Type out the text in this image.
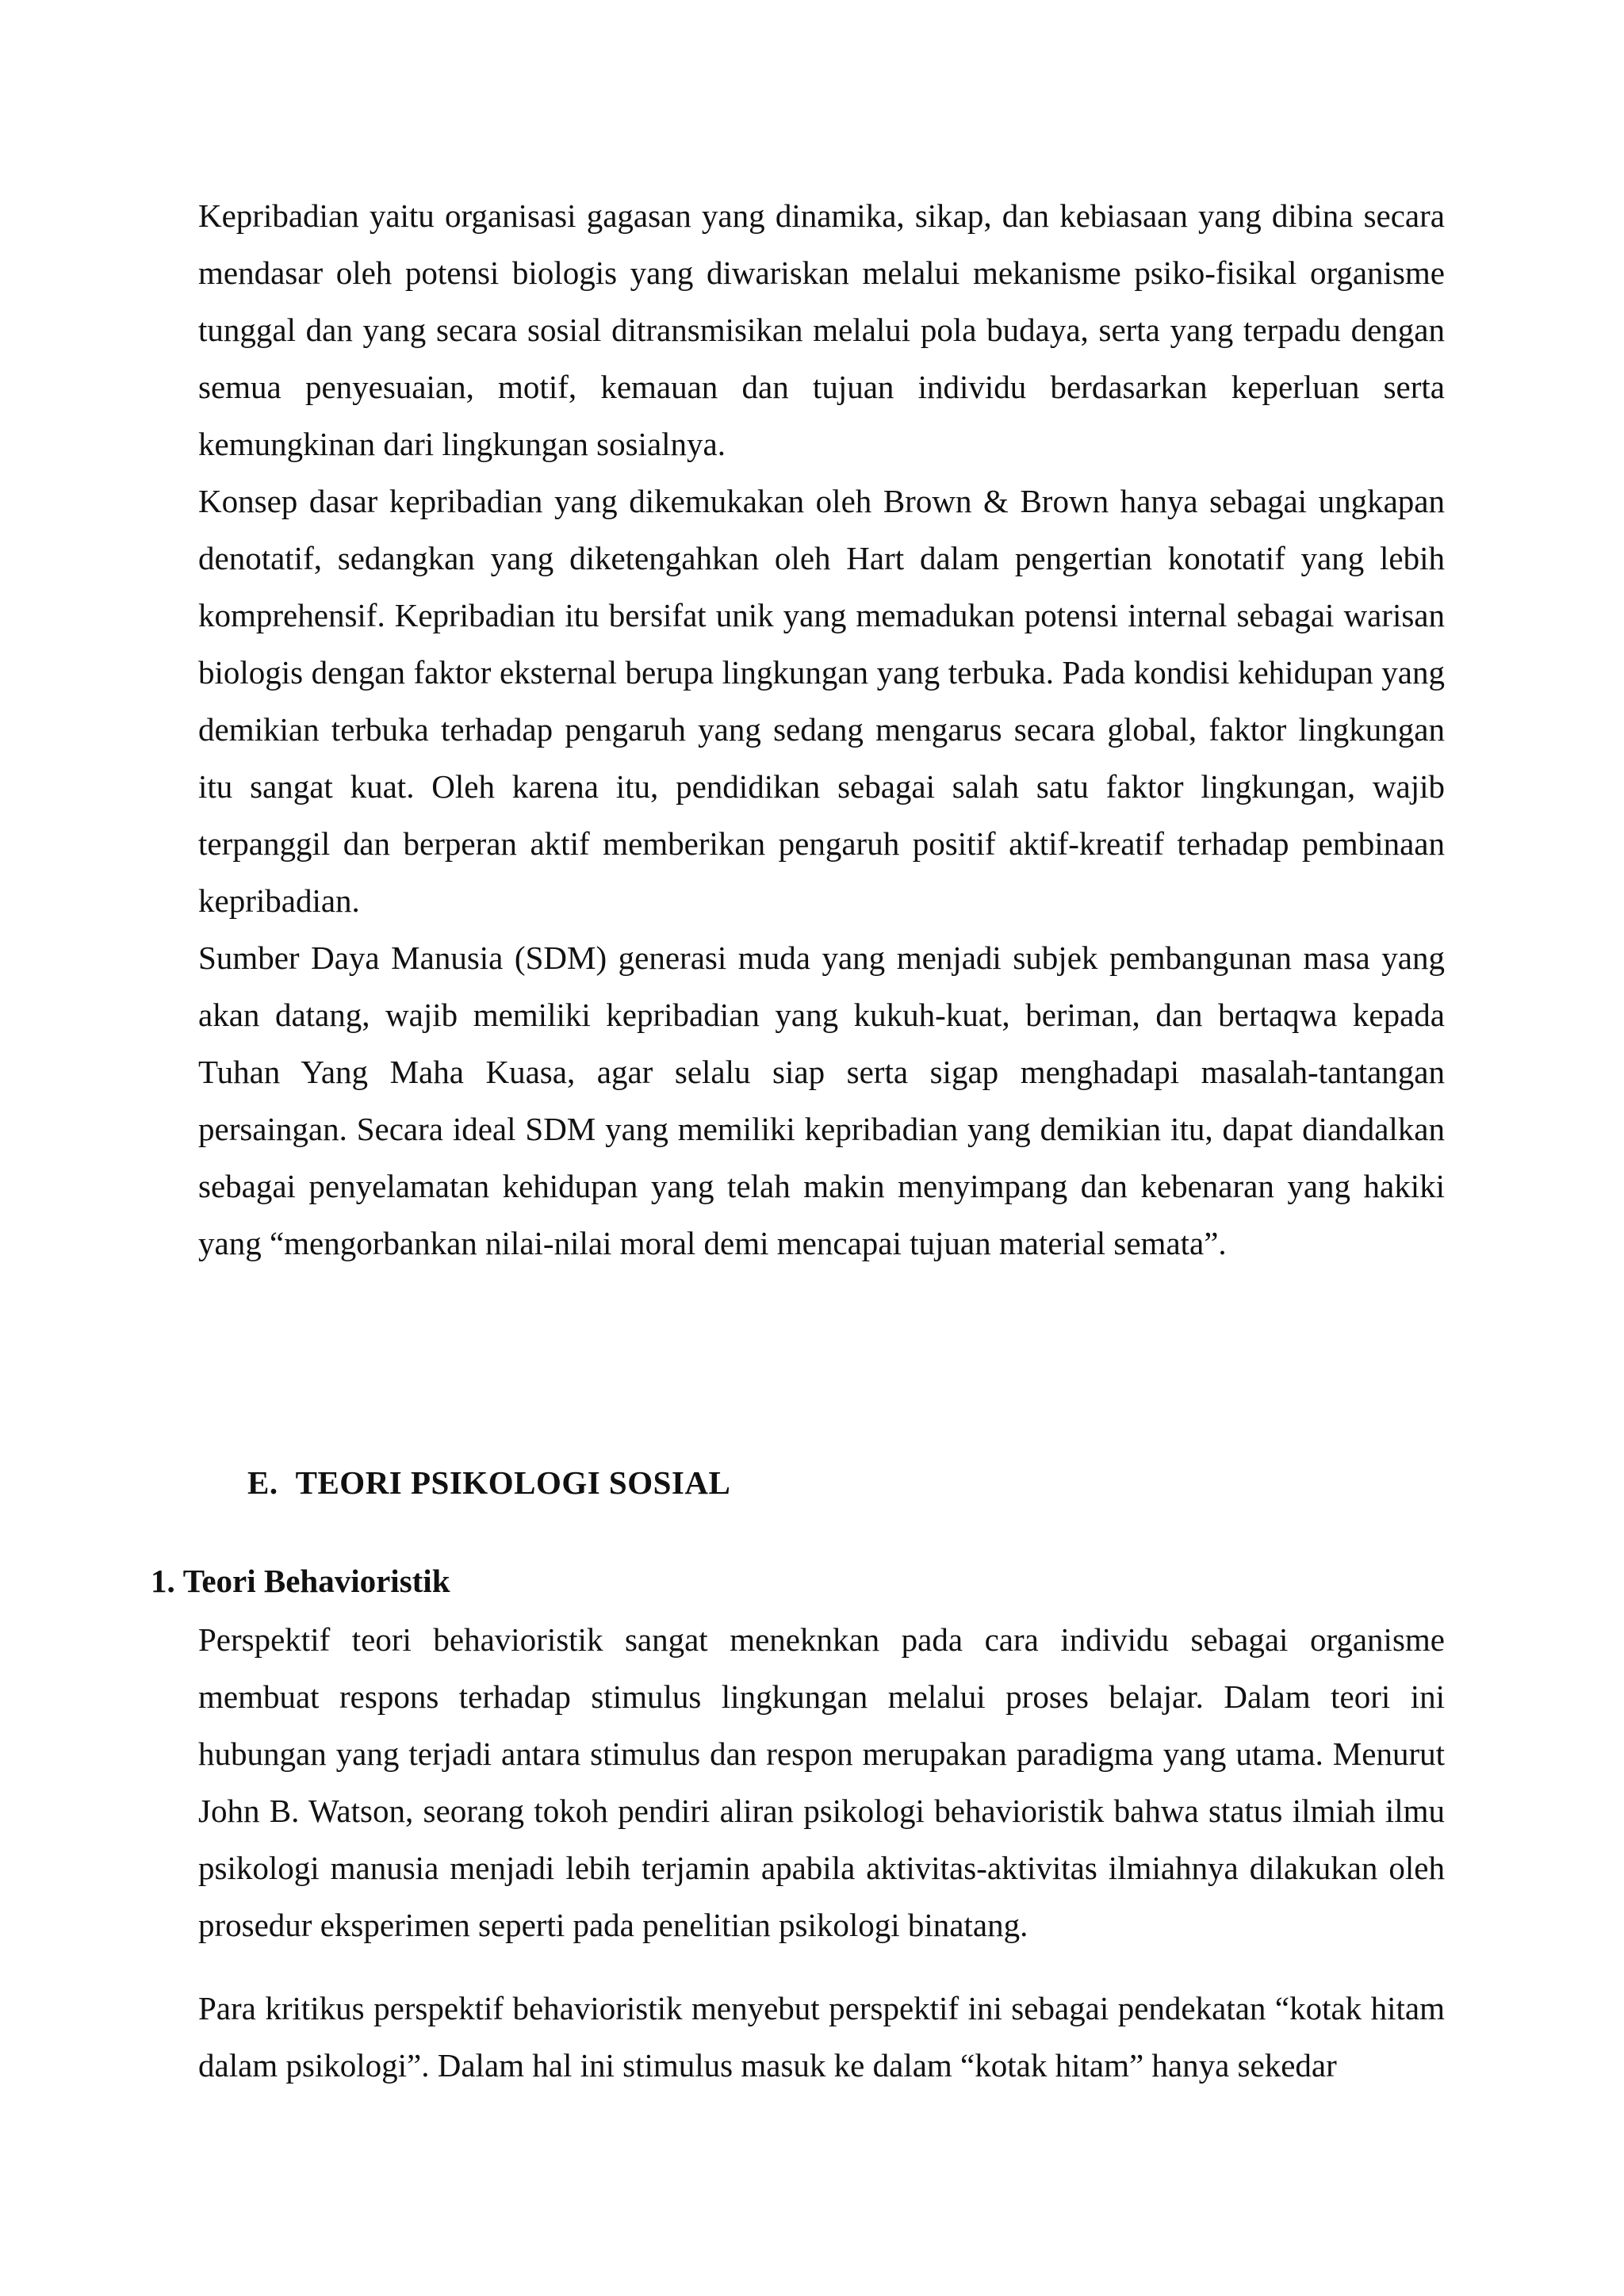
Kepribadian yaitu organisasi gagasan yang dinamika, sikap, dan kebiasaan yang dibina secara mendasar oleh potensi biologis yang diwariskan melalui mekanisme psiko-fisikal organisme tunggal dan yang secara sosial ditransmisikan melalui pola budaya, serta yang terpadu dengan semua penyesuaian, motif, kemauan dan tujuan individu berdasarkan keperluan serta kemungkinan dari lingkungan sosialnya.

Konsep dasar kepribadian yang dikemukakan oleh Brown & Brown hanya sebagai ungkapan denotatif, sedangkan yang diketengahkan oleh Hart dalam pengertian konotatif yang lebih komprehensif. Kepribadian itu bersifat unik yang memadukan potensi internal sebagai warisan biologis dengan faktor eksternal berupa lingkungan yang terbuka. Pada kondisi kehidupan yang demikian terbuka terhadap pengaruh yang sedang mengarus secara global, faktor lingkungan itu sangat kuat. Oleh karena itu, pendidikan sebagai salah satu faktor lingkungan, wajib terpanggil dan berperan aktif memberikan pengaruh positif aktif-kreatif terhadap pembinaan kepribadian.

Sumber Daya Manusia (SDM) generasi muda yang menjadi subjek pembangunan masa yang akan datang, wajib memiliki kepribadian yang kukuh-kuat, beriman, dan bertaqwa kepada Tuhan Yang Maha Kuasa, agar selalu siap serta sigap menghadapi masalah-tantangan persaingan. Secara ideal SDM yang memiliki kepribadian yang demikian itu, dapat diandalkan sebagai penyelamatan kehidupan yang telah makin menyimpang dan kebenaran yang hakiki yang “mengorbankan nilai-nilai moral demi mencapai tujuan material semata”.

E. TEORI PSIKOLOGI SOSIAL
1. Teori Behavioristik

Perspektif teori behavioristik sangat meneknkan pada cara individu sebagai organisme membuat respons terhadap stimulus lingkungan melalui proses belajar. Dalam teori ini hubungan yang terjadi antara stimulus dan respon merupakan paradigma yang utama. Menurut John B. Watson, seorang tokoh pendiri aliran psikologi behavioristik bahwa status ilmiah ilmu psikologi manusia menjadi lebih terjamin apabila aktivitas-aktivitas ilmiahnya dilakukan oleh prosedur eksperimen seperti pada penelitian psikologi binatang.

Para kritikus perspektif behavioristik menyebut perspektif ini sebagai pendekatan “kotak hitam dalam psikologi”. Dalam hal ini stimulus masuk ke dalam “kotak hitam” hanya sekedar
